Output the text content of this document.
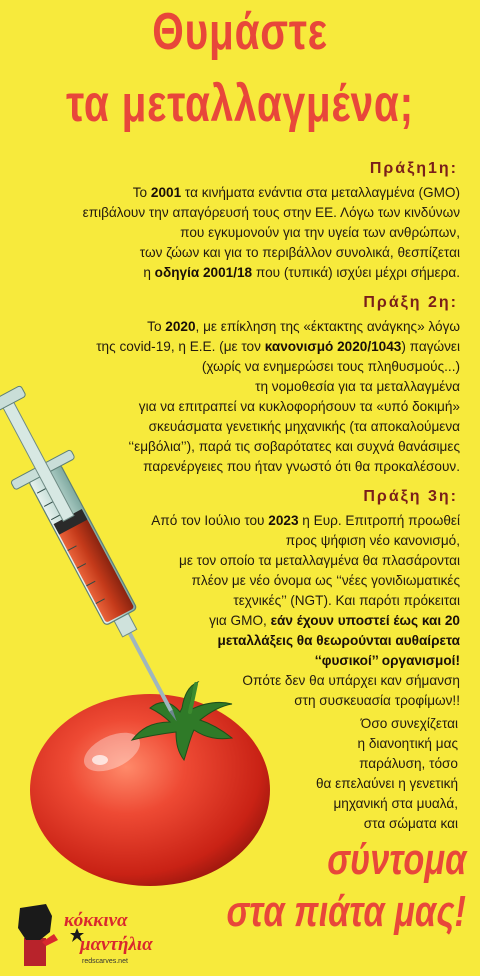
Θυμάστε
τα μεταλλαγμένα;
Πράξη1η:

Το 2001 τα κινήματα ενάντια στα μεταλλαγμένα (GMO)

επιβάλουν την απαγόρευσή τους στην ΕΕ. Λόγω των κινδύνων

που εγκυμονούν για την υγεία των ανθρώπων,

των ζώων και για το περιβάλλον συνολικά, θεσπίζεται

η οδηγία 2001/18 που (τυπικά) ισχύει μέχρι σήμερα.

Πράξη 2η:

Το 2020, με επίκληση της «έκτακτης ανάγκης» λόγω

της covid-19, η Ε.Ε. (με τον κανονισμό 2020/1043) παγώνει

(χωρίς να ενημερώσει τους πληθυσμούς...)

τη νομοθεσία για τα μεταλλαγμένα

για να επιτραπεί να κυκλοφορήσουν τα «υπό δοκιμή»

σκευάσματα γενετικής μηχανικής (τα αποκαλούμενα

‘‘εμβόλια’’), παρά τις σοβαρότατες και συχνά θανάσιμες

παρενέργειες που ήταν γνωστό ότι θα προκαλέσουν.

Πράξη 3η:

Από τον Ιούλιο του 2023 η Ευρ. Επιτροπή προωθεί

προς ψήφιση νέο κανονισμό,

με τον οποίο τα μεταλλαγμένα θα πλασάρονται

πλέον με νέο όνομα ως ‘‘νέες γονιδιωματικές

τεχνικές’’ (NGT). Και παρότι πρόκειται

για GMO, εάν έχουν υποστεί έως και 20

μεταλλάξεις θα θεωρούνται αυθαίρετα

‘‘φυσικοί’’ οργανισμοί!

Οπότε δεν θα υπάρχει καν σήμανση

στη συσκευασία τροφίμων!!

Όσο συνεχίζεται
η διανοητική μας
παράλυση, τόσο
θα επελαύνει η γενετική
μηχανική στα μυαλά,
στα σώματα και
σύντομα
στα πιάτα μας!
κόκκινα
μαντήλια
redscarves.net
